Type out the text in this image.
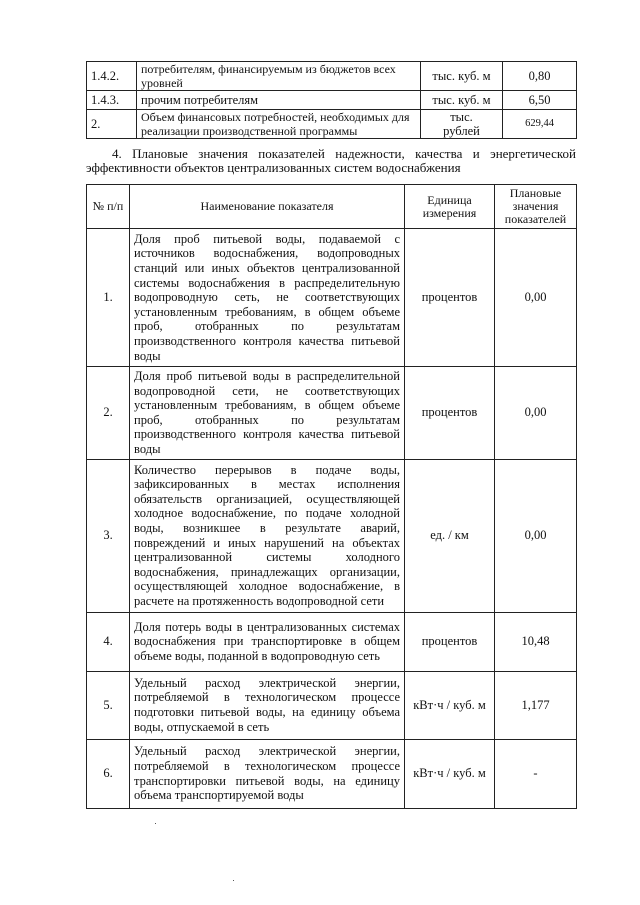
1.4.2.	потребителям, финансируемым из бюджетов всех уровней	тыс. куб. м	0,80
1.4.3.	прочим потребителям	тыс. куб. м	6,50
2.	Объем финансовых потребностей, необходимых для реализации производственной программы	тыс. рублей	629,44
4. Плановые значения показателей надежности, качества и энергетической
эффективности объектов централизованных систем водоснабжения
№ п/п	Наименование показателя	Единица измерения	Плановые значения показателей
1.	Доля проб питьевой воды, подаваемой с источников водоснабжения, водопроводных станций или иных объектов централизованной системы водоснабжения в распределительную водопроводную сеть, не соответствующих установленным требованиям, в общем объеме проб, отобранных по результатам производственного контроля качества питьевой воды	процентов	0,00
2.	Доля проб питьевой воды в распределительной водопроводной сети, не соответствующих установленным требованиям, в общем объеме проб, отобранных по результатам производственного контроля качества питьевой воды	процентов	0,00
3.	Количество перерывов в подаче воды, зафиксированных в местах исполнения обязательств организацией, осуществляющей холодное водоснабжение, по подаче холодной воды, возникшее в результате аварий, повреждений и иных нарушений на объектах централизованной системы холодного водоснабжения, принадлежащих организации, осуществляющей холодное водоснабжение, в расчете на протяженность водопроводной сети	ед. / км	0,00
4.	Доля потерь воды в централизованных системах водоснабжения при транспортировке в общем объеме воды, поданной в водопроводную сеть	процентов	10,48
5.	Удельный расход электрической энергии, потребляемой в технологическом процессе подготовки питьевой воды, на единицу объема воды, отпускаемой в сеть	кВт·ч / куб. м	1,177
6.	Удельный расход электрической энергии, потребляемой в технологическом процессе транспортировки питьевой воды, на единицу объема транспортируемой воды	кВт·ч / куб. м	-
